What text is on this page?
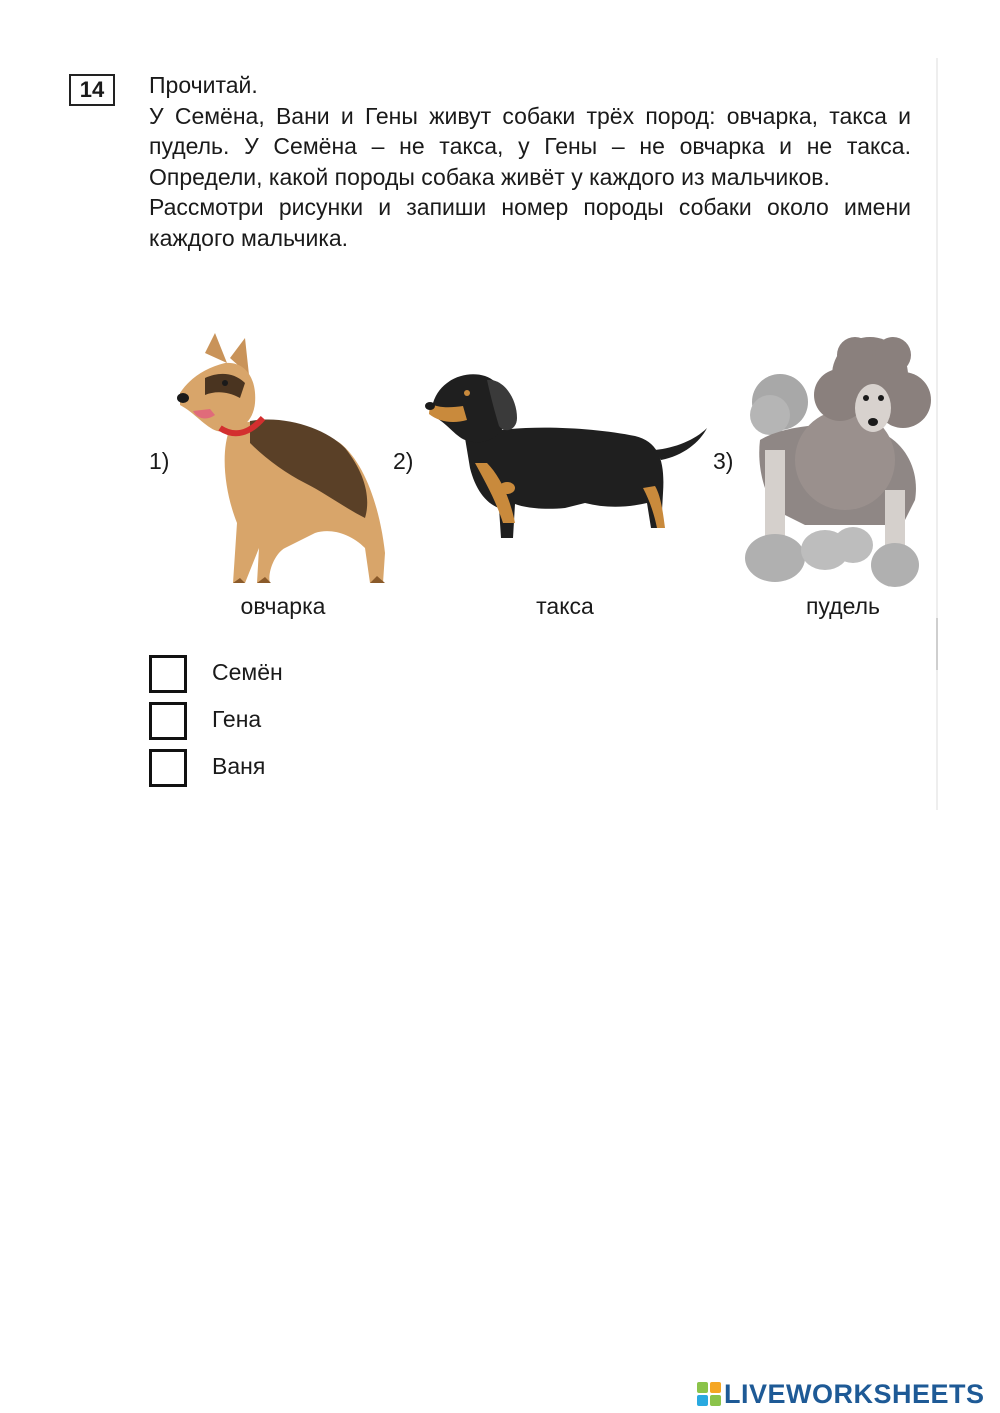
14	Прочитай.

У Семёна, Вани и Гены живут собаки трёх пород: овчарка, такса и пудель. У Семёна – не такса, у Гены – не овчарка и не такса.

Определи, какой породы собака живёт у каждого из мальчиков.

Рассмотри рисунки и запиши номер породы собаки около имени каждого мальчика.

1)
овчарка
2)
такса
3)
пудель
Семён
Гена
Ваня
LIVEWORKSHEETS
